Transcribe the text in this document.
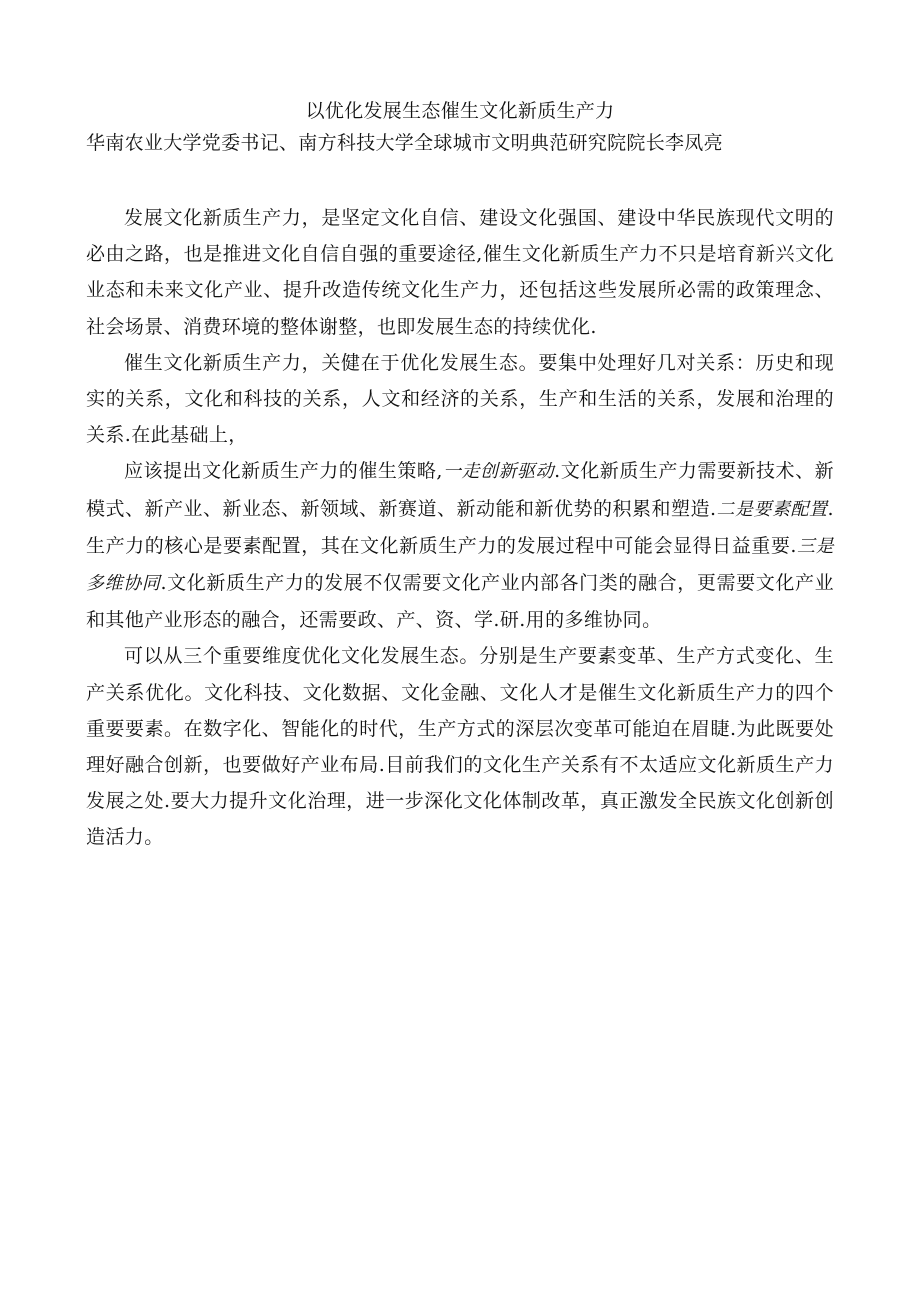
以优化发展生态催生文化新质生产力

华南农业大学党委书记、南方科技大学全球城市文明典范研究院院长李凤亮

发展文化新质生产力，是坚定文化自信、建设文化强国、建设中华民族现代文明的必由之路，也是推进文化自信自强的重要途径,催生文化新质生产力不只是培育新兴文化业态和未来文化产业、提升改造传统文化生产力，还包括这些发展所必需的政策理念、社会场景、消费环境的整体谢整，也即发展生态的持续优化.

催生文化新质生产力，关健在于优化发展生态。要集中处理好几对关系：历史和现实的关系，文化和科技的关系，人文和经济的关系，生产和生活的关系，发展和治理的关系.在此基础上，

应该提出文化新质生产力的催生策略,一走创新驱动.文化新质生产力需要新技术、新模式、新产业、新业态、新领域、新赛道、新动能和新优势的积累和塑造.二是要素配置.生产力的核心是要素配置，其在文化新质生产力的发展过程中可能会显得日益重要.三是多维协同.文化新质生产力的发展不仅需要文化产业内部各门类的融合，更需要文化产业和其他产业形态的融合，还需要政、产、资、学.研.用的多维协同。

可以从三个重要维度优化文化发展生态。分别是生产要素变革、生产方式变化、生产关系优化。文化科技、文化数据、文化金融、文化人才是催生文化新质生产力的四个重要要素。在数字化、智能化的时代，生产方式的深层次变革可能迫在眉睫.为此既要处理好融合创新，也要做好产业布局.目前我们的文化生产关系有不太适应文化新质生产力发展之处.要大力提升文化治理，进一步深化文化体制改革，真正激发全民族文化创新创造活力。
